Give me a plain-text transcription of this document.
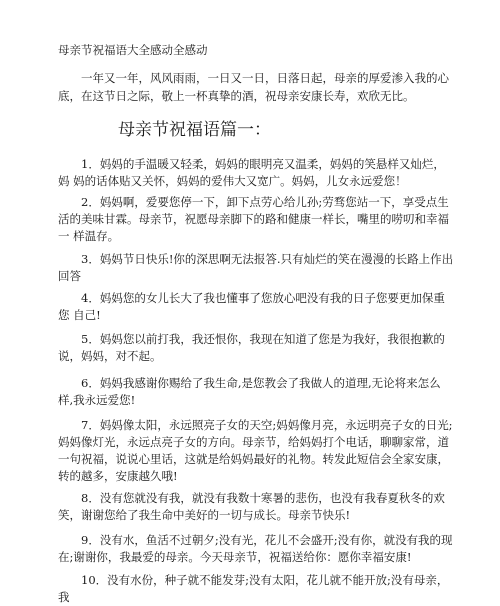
母亲节祝福语大全感动全感动
一年又一年，风风雨雨，一日又一日，日落日起，母亲的厚爱渗入我的心 底，在这节日之际，敬上一杯真挚的酒，祝母亲安康长寿，欢欣无比。
母亲节祝福语篇一：
1．妈妈的手温暖又轻柔，妈妈的眼明亮又温柔，妈妈的笑悬样又灿烂，妈 妈的话体贴又关怀，妈妈的爱伟大又宽广。妈妈，儿女永远爱您！
2．妈妈啊，爱要您停一下，卸下点劳心给儿孙;劳骛您站一下，享受点生活的美味甘霖。母亲节，祝愿母亲脚下的路和健康一样长，嘴里的唠叨和幸福一 样温存。
3．妈妈节日快乐!你的深思啊无法报答.只有灿烂的笑在漫漫的长路上作出 回答
4．妈妈您的女儿长大了我也懂事了您放心吧没有我的日子您要更加保重您 自己!
5．妈妈您以前打我，我还恨你，我现在知道了您是为我好，我很抱歉的 说，妈妈，对不起。
6．妈妈我感谢你赐给了我生命,是您教会了我做人的道理,无论将来怎么样,我永远爱您!
7．妈妈像太阳，永远照亮子女的天空;妈妈像月亮，永远明亮子女的日光;妈妈像灯光，永远点亮子女的方向。母亲节，给妈妈打个电话，聊聊家常，道 一句祝福，说说心里话，这就是给妈妈最好的礼物。转发此短信会全家安康， 转的越多，安康越久哦!
8．没有您就没有我，就没有我数十寒暑的悲伤，也没有我春夏秋冬的欢笑，谢谢您给了我生命中美好的一切与成长。母亲节快乐!
9．没有水，鱼活不过朝夕;没有光，花儿不会盛开;没有你，就没有我的现在;谢谢你，我最爱的母亲。今天母亲节，祝福送给你：愿你幸福安康!
10．没有水份，种子就不能发芽;没有太阳，花儿就不能开放;没有母亲，我
